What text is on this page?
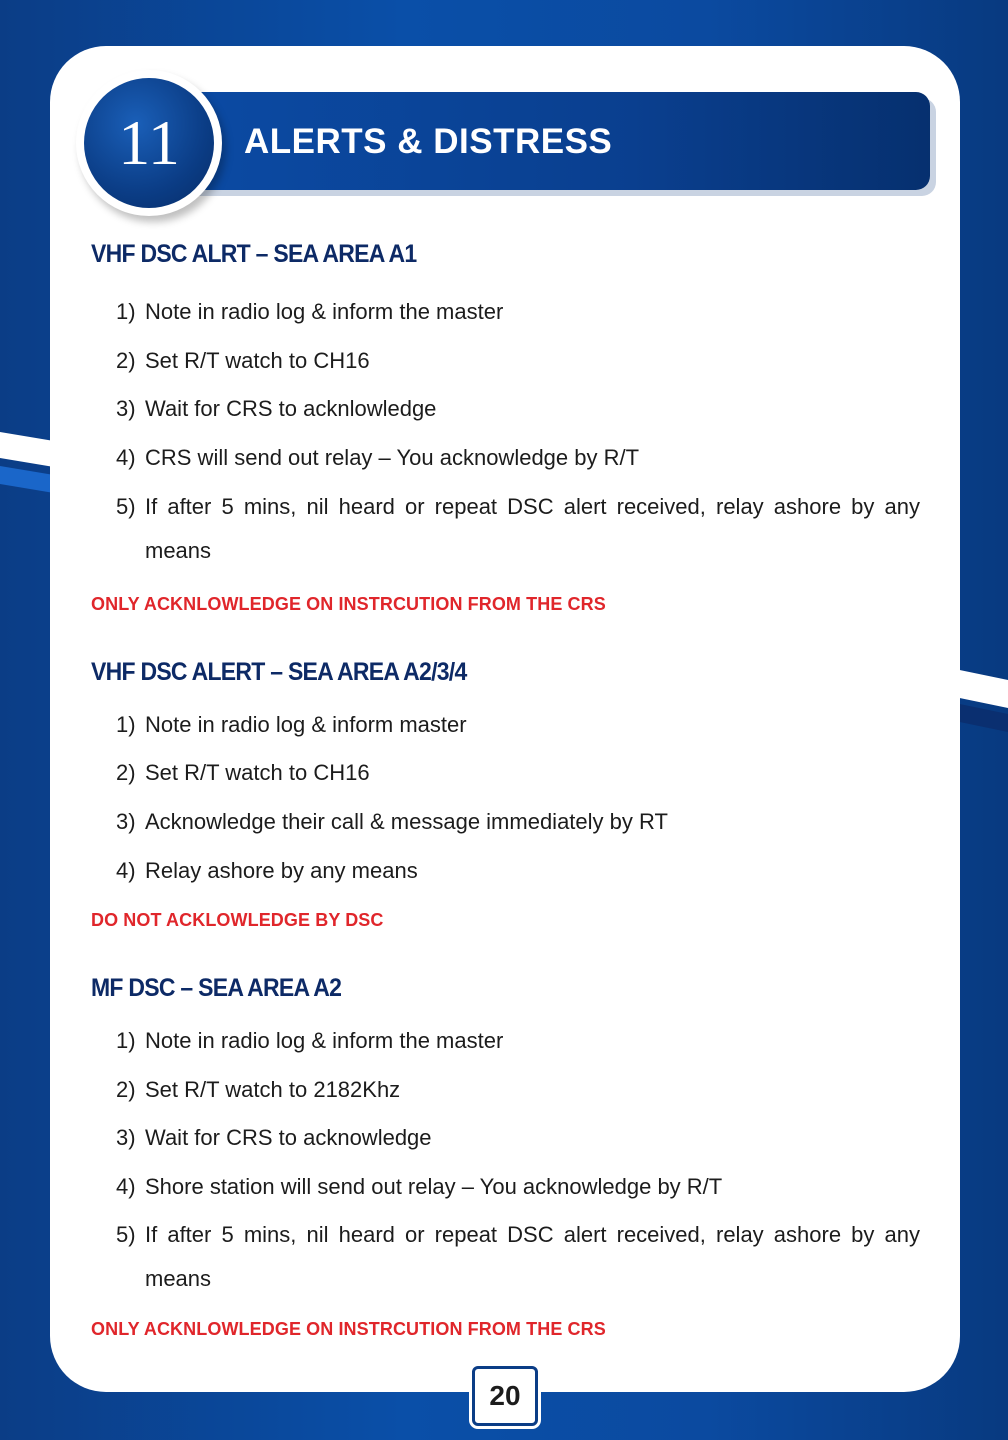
ALERTS & DISTRESS
11
VHF DSC ALRT – SEA AREA A1
1) Note in radio log & inform the master
2) Set R/T watch to CH16
3) Wait for CRS to acknlowledge
4) CRS will send out relay – You acknowledge by R/T
5) If after 5 mins, nil heard or repeat DSC alert received, relay ashore by any means
ONLY ACKNLOWLEDGE ON INSTRCUTION FROM THE CRS
VHF DSC ALERT – SEA AREA A2/3/4
1) Note in radio log & inform master
2) Set R/T watch to CH16
3) Acknowledge their call & message immediately by RT
4) Relay ashore by any means
DO NOT ACKLOWLEDGE BY DSC
MF DSC – SEA AREA A2
1) Note in radio log & inform the master
2) Set R/T watch to 2182Khz
3) Wait for CRS to acknowledge
4) Shore station will send out relay – You acknowledge by R/T
5) If after 5 mins, nil heard or repeat DSC alert received, relay ashore by any means
ONLY ACKNLOWLEDGE ON INSTRCUTION FROM THE CRS
20
